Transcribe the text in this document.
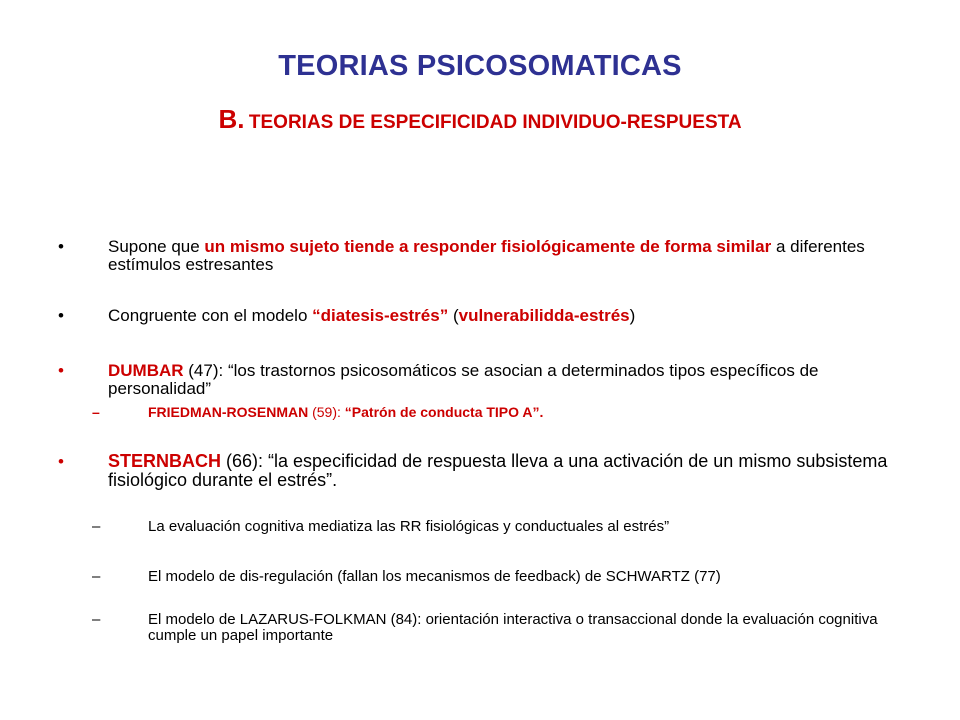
TEORIAS PSICOSOMATICAS

B. TEORIAS DE ESPECIFICIDAD INDIVIDUO-RESPUESTA

•	Supone que un mismo sujeto tiende a responder fisiológicamente de forma similar a diferentes estímulos estresantes
•	Congruente con el modelo “diatesis-estrés” (vulnerabilidda-estrés)
•	DUMBAR (47): “los trastornos psicosomáticos se asocian a determinados tipos específicos de personalidad”
–	FRIEDMAN-ROSENMAN (59): “Patrón de conducta TIPO A”.
• STERNBACH (66): “la especificidad de respuesta lleva a una activación de un mismo subsistema fisiológico durante el estrés”.
–	La evaluación cognitiva mediatiza las RR fisiológicas y conductuales al estrés”
–	El modelo de dis-regulación (fallan los mecanismos de feedback) de SCHWARTZ (77)
–	El modelo de LAZARUS-FOLKMAN (84): orientación interactiva o transaccional donde la evaluación cognitiva cumple un papel importante
